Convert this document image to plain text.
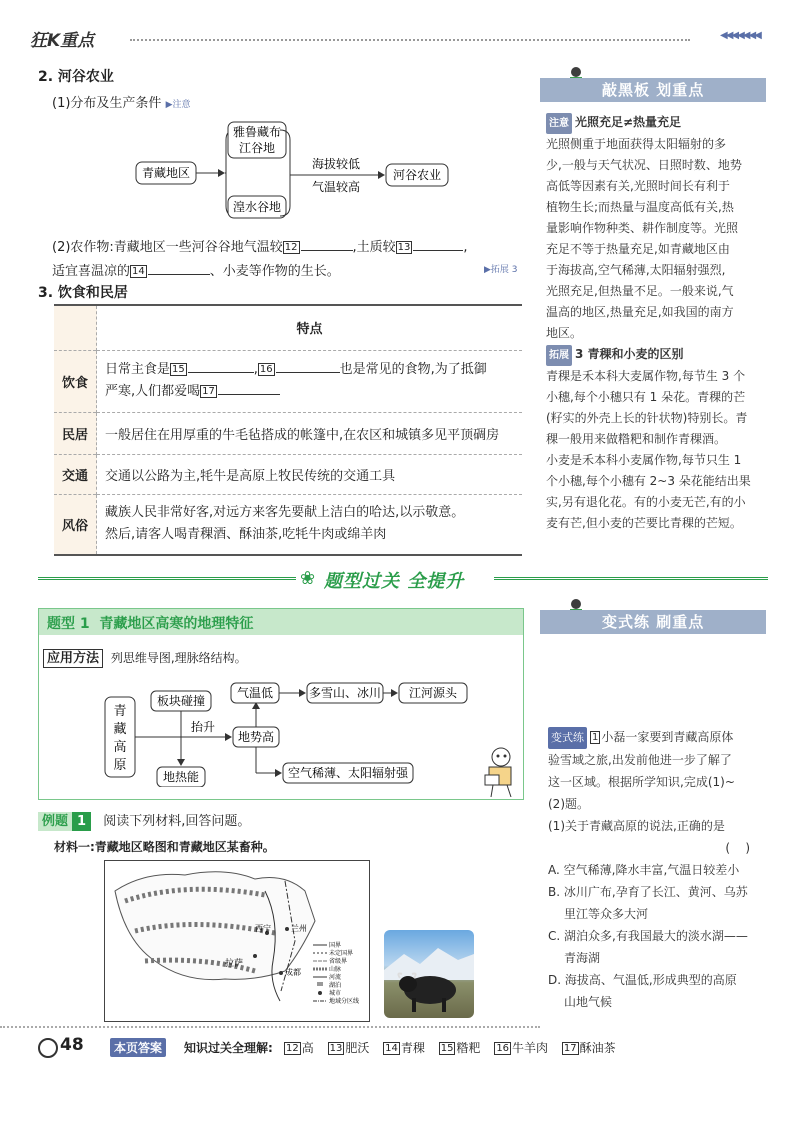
狂K重点	◀◀◀◀◀◀◀
2. 河谷农业
(1)分布及生产条件 ▶注意
青藏地区
雅鲁藏布
江谷地
湟水谷地
海拔较低
气温较高
河谷农业
(2)农作物:青藏地区一些河谷谷地气温较 12	,土质较 13	,
适宜喜温凉的 14	、小麦等作物的生长。	▶拓展 3
3. 饮食和民居
	特点
饮食	日常主食是 15 , 16 也是常见的食物,为了抵御
严寒,人们都爱喝 17

民居	一般居住在用厚重的牛毛毡搭成的帐篷中,在农区和城镇多见平顶碉房
交通	交通以公路为主,牦牛是高原上牧民传统的交通工具
风俗	藏族人民非常好客,对远方来客先要献上洁白的哈达,以示敬意。
然后,请客人喝青稞酒、酥油茶,吃牦牛肉或绵羊肉
敲黑板 划重点
注意 光照充足≠热量充足
光照侧重于地面获得太阳辐射的多
少,一般与天气状况、日照时数、地势
高低等因素有关,光照时间长有利于
植物生长;而热量与温度高低有关,热
量影响作物种类、耕作制度等。光照
充足不等于热量充足,如青藏地区由
于海拔高,空气稀薄,太阳辐射强烈,
光照充足,但热量不足。一般来说,气
温高的地区,热量充足,如我国的南方
地区。
拓展 3 青稞和小麦的区别
青稞是禾本科大麦属作物,每节生 3 个
小穗,每个小穗只有 1 朵花。青稞的芒
(籽实的外壳上长的针状物)特别长。青
稞一般用来做糌粑和制作青稞酒。
小麦是禾本科小麦属作物,每节只生 1
个小穗,每个小穗有 2~3 朵花能结出果
实,另有退化花。有的小麦无芒,有的小
麦有芒,但小麦的芒要比青稞的芒短。
❀ 题型过关 全提升
题型 1  青藏地区高寒的地理特征
应用方法 列思维导图,理脉络结构。
青
藏
高
原
板块碰撞
抬升
地热能
地势高
气温低	多雪山、冰川 江河源头
空气稀薄、太阳辐射强
变式练 刷重点
变式练 1 小磊一家要到青藏高原体
验雪域之旅,出发前他进一步了解了
这一区域。根据所学知识,完成(1)~
(2)题。
(1)关于青藏高原的说法,正确的是
(    )
A. 空气稀薄,降水丰富,气温日较差小
B. 冰川广布,孕育了长江、黄河、乌苏
里江等众多大河
C. 湖泊众多,有我国最大的淡水湖——
青海湖
D. 海拔高、气温低,形成典型的高原
山地气候
例题 1 阅读下列材料,回答问题。
材料一:青藏地区略图和青藏地区某畜种。
拉萨
西宁	兰州
成都
国界
未定国界
省级界
山脉
河流
湖泊
城市
地域分区线
48	本页答案	知识过关全理解: 12 高 13 肥沃 14 青稞 15 糌粑 16 牛羊肉 17 酥油茶
